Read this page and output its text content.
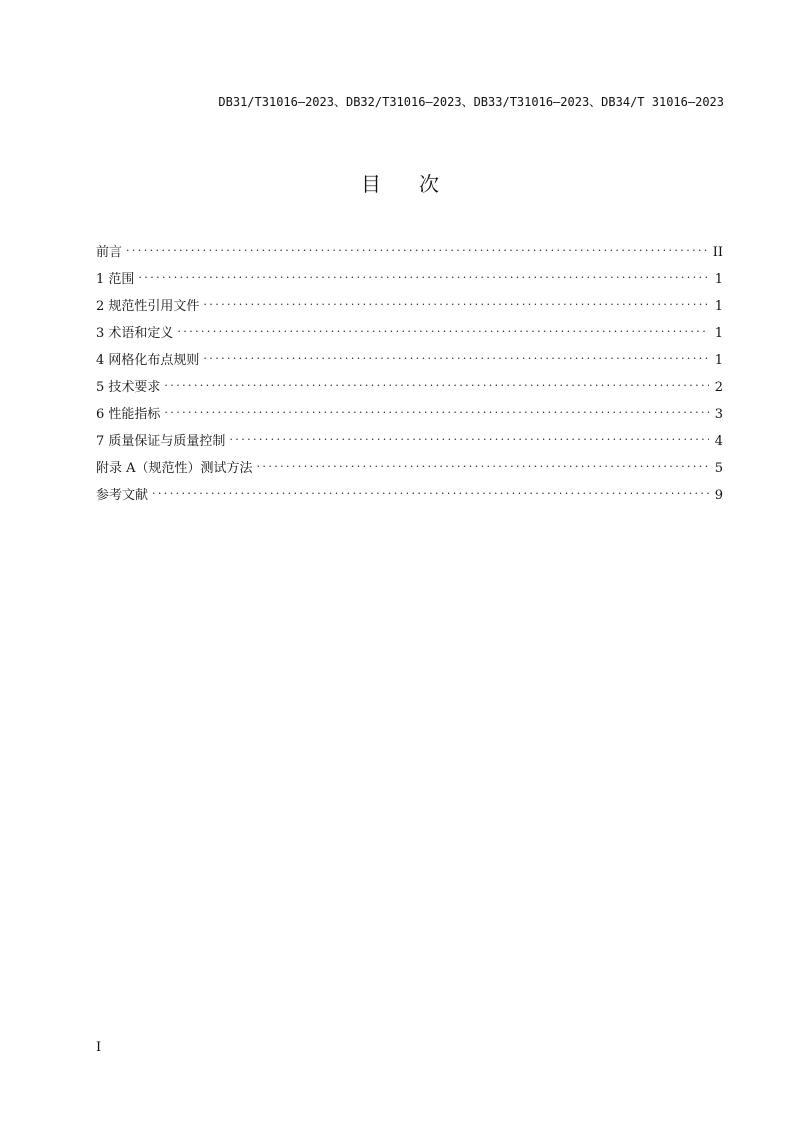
DB31/T31016—2023、DB32/T31016—2023、DB33/T31016—2023、DB34/T 31016—2023
目 次
前言 .....	II
1 范围 .....	1
2 规范性引用文件 .....	1
3 术语和定义 .....	1
4 网格化布点规则 .....	1
5 技术要求 .....	2
6 性能指标 .....	3
7 质量保证与质量控制 .....	4
附录 A（规范性）测试方法 .....	5
参考文献 .....	9
I
